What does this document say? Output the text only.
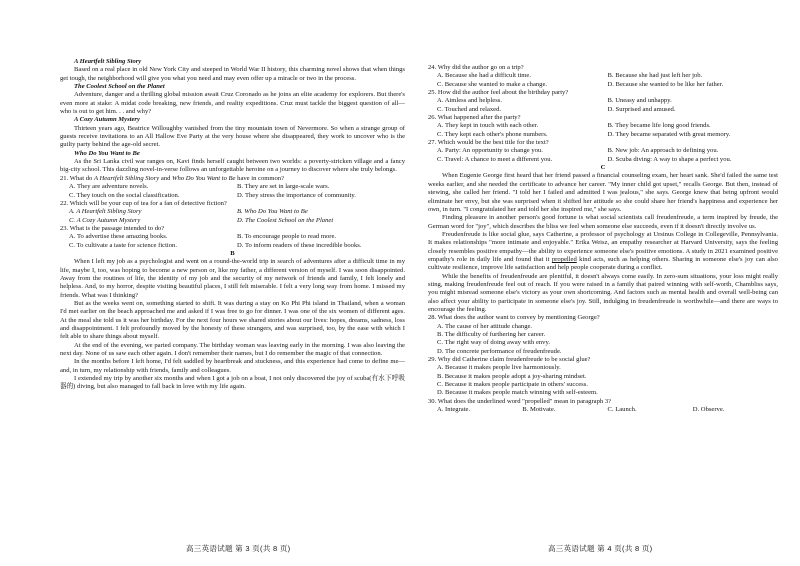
A Heartfelt Sibling Story

Based on a real place in old New York City and steeped in World War II history, this charming novel shows that when things get tough, the neighborhood will give you what you need and may even offer up a miracle or two in the process.

The Coolest School on the Planet

Adventure, danger and a thrilling global mission await Cruz Coronado as he joins an elite academy for explorers. But there's even more at stake: A midat code breaking, new friends, and reality expeditions. Cruz must tackle the biggest question of all—who is out to get him. . . and why?

A Cozy Autumn Mystery

Thirteen years ago, Beatrice Willoughby vanished from the tiny mountain town of Nevermore. So when a strange group of guests receive invitations to an All Hallow Eve Party at the very house where she disappeared, they work to uncover who is the guilty party behind the age-old secret.

Who Do You Want to Be

As the Sri Lanka civil war ranges on, Kavi finds herself caught between two worlds: a poverty-stricken village and a fancy big-city school. This dazzling novel-in-verse follows an unforgettable heroine on a journey to discover where she truly belongs.

21. What do A Heartfelt Sibling Story and Who Do You Want to Be have in common?

A. They are adventure novels.	B. They are set in large-scale wars.
C. They touch on the social classification.	D. They stress the importance of community.

22. Which will be your cup of tea for a fan of detective fiction?

A. A Heartfelt Sibling Story	B. Who Do You Want to Be
C. A Cozy Autumn Mystery	D. The Coolest School on the Planet

23. What is the passage intended to do?

A. To advertise these amazing books.	B. To encourage people to read more.
C. To cultivate a taste for science fiction.	D. To inform readers of these incredible books.

B

When I left my job as a psychologist and went on a round-the-world trip in search of adventures after a difficult time in my life, maybe I, too, was hoping to become a new person or, like my father, a different version of myself. I was soon disappointed. Away from the routines of life, the identity of my job and the security of my network of friends and family, I felt lonely and helpless. And, to my horror, despite visiting beautiful places, I still felt miserable. I felt a very long way from home. I missed my friends. What was I thinking?

But as the weeks went on, something started to shift. It was during a stay on Ko Phi Phi island in Thailand, when a woman I'd met earlier on the beach approached me and asked if I was free to go for dinner. I was one of the six women of different ages. At the meal she told us it was her birthday. For the next four hours we shared stories about our lives: hopes, dreams, sadness, loss and disappointment. I felt profoundly moved by the honesty of these strangers, and was surprised, too, by the ease with which I felt able to share things about myself.

At the end of the evening, we parted company. The birthday woman was leaving early in the morning. I was also leaving the next day. None of us saw each other again. I don't remember their names, but I do remember the magic of that connection.

In the months before I left home, I'd felt saddled by heartbreak and stuckness, and this experience had come to define me—and, in turn, my relationship with friends, family and colleagues.

I extended my trip by another six months and when I got a job on a boat, I not only discovered the joy of scuba(有水下呼吸器的) diving, but also managed to fall back in love with my life again.

24. Why did the author go on a trip?

A. Because she had a difficult time.	B. Because she had just left her job.
C. Because she wanted to make a change.	D. Because she wanted to be like her father.

25. How did the author feel about the birthday party?

A. Aimless and helpless.	B. Uneasy and unhappy.
C. Touched and relaxed.	D. Surprised and amused.

26. What happened after the party?

A. They kept in touch with each other.	B. They became life long good friends.
C. They kept each other's phone numbers.	D. They became separated with great memory.

27. Which would be the best title for the text?

A. Party: An opportunity to change you.	B. New job: An approach to defining you.
C. Travel: A chance to meet a different you.	D. Scuba diving: A way to shape a perfect you.

C

When Eugenie George first heard that her friend passed a financial counseling exam, her heart sank. She'd failed the same test weeks earlier, and she needed the certificate to advance her career. "My inner child got upset," recalls George. But then, instead of stewing, she called her friend. "I told her I failed and admitted I was jealous," she says. George knew that being upfront would eliminate her envy, but she was surprised when it shifted her attitude so she could share her friend's happiness and experience her own, in turn. "I congratulated her and told her she inspired me," she says.

Finding pleasure in another person's good fortune is what social scientists call freudenfreude, a term inspired by freude, the German word for "joy", which describes the bliss we feel when someone else succeeds, even if it doesn't directly involve us.

Freudenfreude is like social glue, says Catherine, a professor of psychology at Ursinus College in Collegeville, Pennsylvania. It makes relationships "more intimate and enjoyable." Erika Weisz, an empathy researcher at Harvard University, says the feeling closely resembles positive empathy—the ability to experience someone else's positive emotions. A study in 2021 examined positive empathy's role in daily life and found that it propelled kind acts, such as helping others. Sharing in someone else's joy can also cultivate resilience, improve life satisfaction and help people cooperate during a conflict.

While the benefits of freudenfreude are plentiful, it doesn't always come easily. In zero-sum situations, your loss might really sting, making freudenfreude feel out of reach. If you were raised in a family that paired winning with self-worth, Chambliss says, you might misread someone else's victory as your own shortcoming. And factors such as mental health and overall well-being can also affect your ability to participate in someone else's joy. Still, indulging in freudenfreude is worthwhile—and there are ways to encourage the feeling.

28. What does the author want to convey by mentioning George?

A. The cause of her attitude change.
B. The difficulty of furthering her career.
C. The right way of doing away with envy.
D. The concrete performance of freudenfreude.

29. Why did Catherine claim freudenfreude to be social glue?

A. Because it makes people live harmoniously.
B. Because it makes people adopt a joy-sharing mindset.
C. Because it makes people participate in others' success.
D. Because it makes people match winning with self-esteem.

30. What does the underlined word "propelled" mean in paragraph 3?

A. Integrate.	B. Motivate.	C. Launch.	D. Observe.
高三英语试题 第 3 页(共 8 页)	高三英语试题 第 4 页(共 8 页)
